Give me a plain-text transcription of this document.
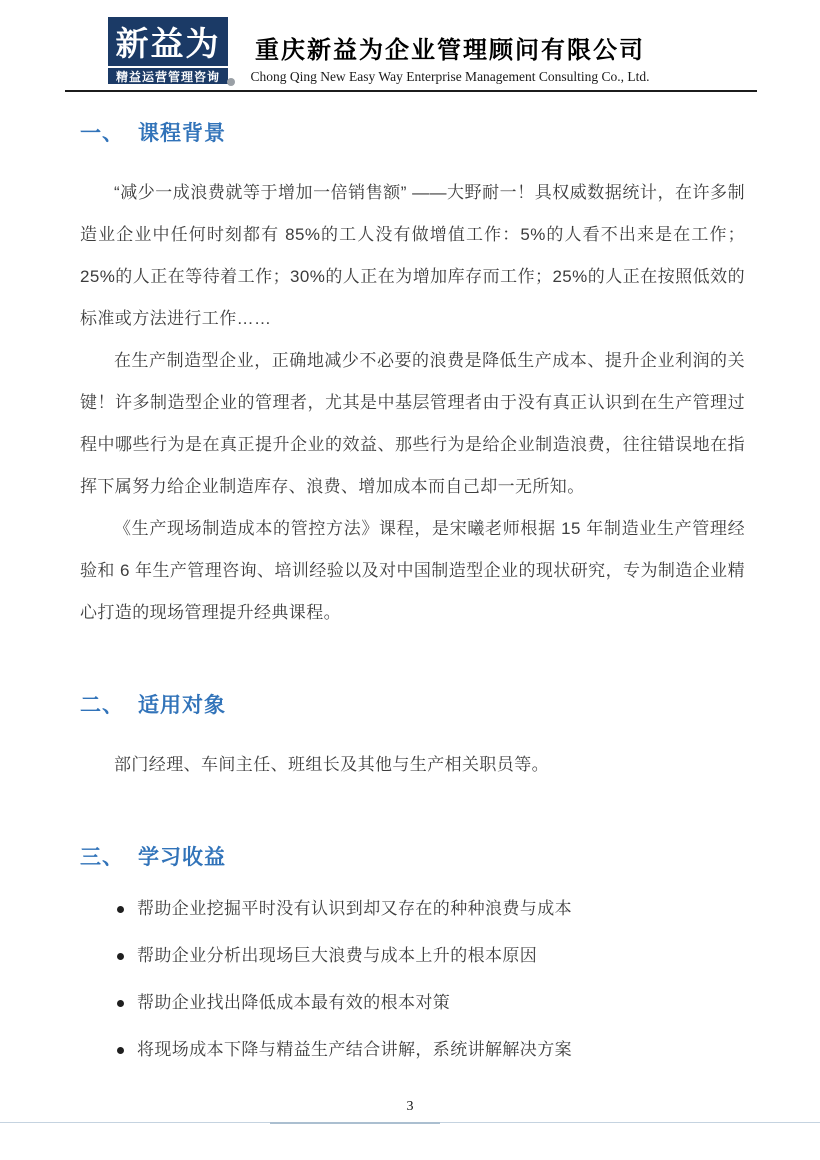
新益为
精益运营管理咨询
重庆新益为企业管理顾问有限公司
Chong Qing New Easy Way Enterprise Management Consulting Co., Ltd.
一、 课程背景

“减少一成浪费就等于增加一倍销售额” ——大野耐一！具权威数据统计，在许多制造业企业中任何时刻都有 85%的工人没有做增值工作：5%的人看不出来是在工作；25%的人正在等待着工作；30%的人正在为增加库存而工作；25%的人正在按照低效的标准或方法进行工作……

在生产制造型企业，正确地减少不必要的浪费是降低生产成本、提升企业利润的关键！许多制造型企业的管理者，尤其是中基层管理者由于没有真正认识到在生产管理过程中哪些行为是在真正提升企业的效益、那些行为是给企业制造浪费，往往错误地在指挥下属努力给企业制造库存、浪费、增加成本而自己却一无所知。

《生产现场制造成本的管控方法》课程，是宋曦老师根据 15 年制造业生产管理经验和 6 年生产管理咨询、培训经验以及对中国制造型企业的现状研究，专为制造企业精心打造的现场管理提升经典课程。

二、 适用对象

部门经理、车间主任、班组长及其他与生产相关职员等。

三、 学习收益
帮助企业挖掘平时没有认识到却又存在的种种浪费与成本
帮助企业分析出现场巨大浪费与成本上升的根本原因
帮助企业找出降低成本最有效的根本对策
将现场成本下降与精益生产结合讲解，系统讲解解决方案
3
